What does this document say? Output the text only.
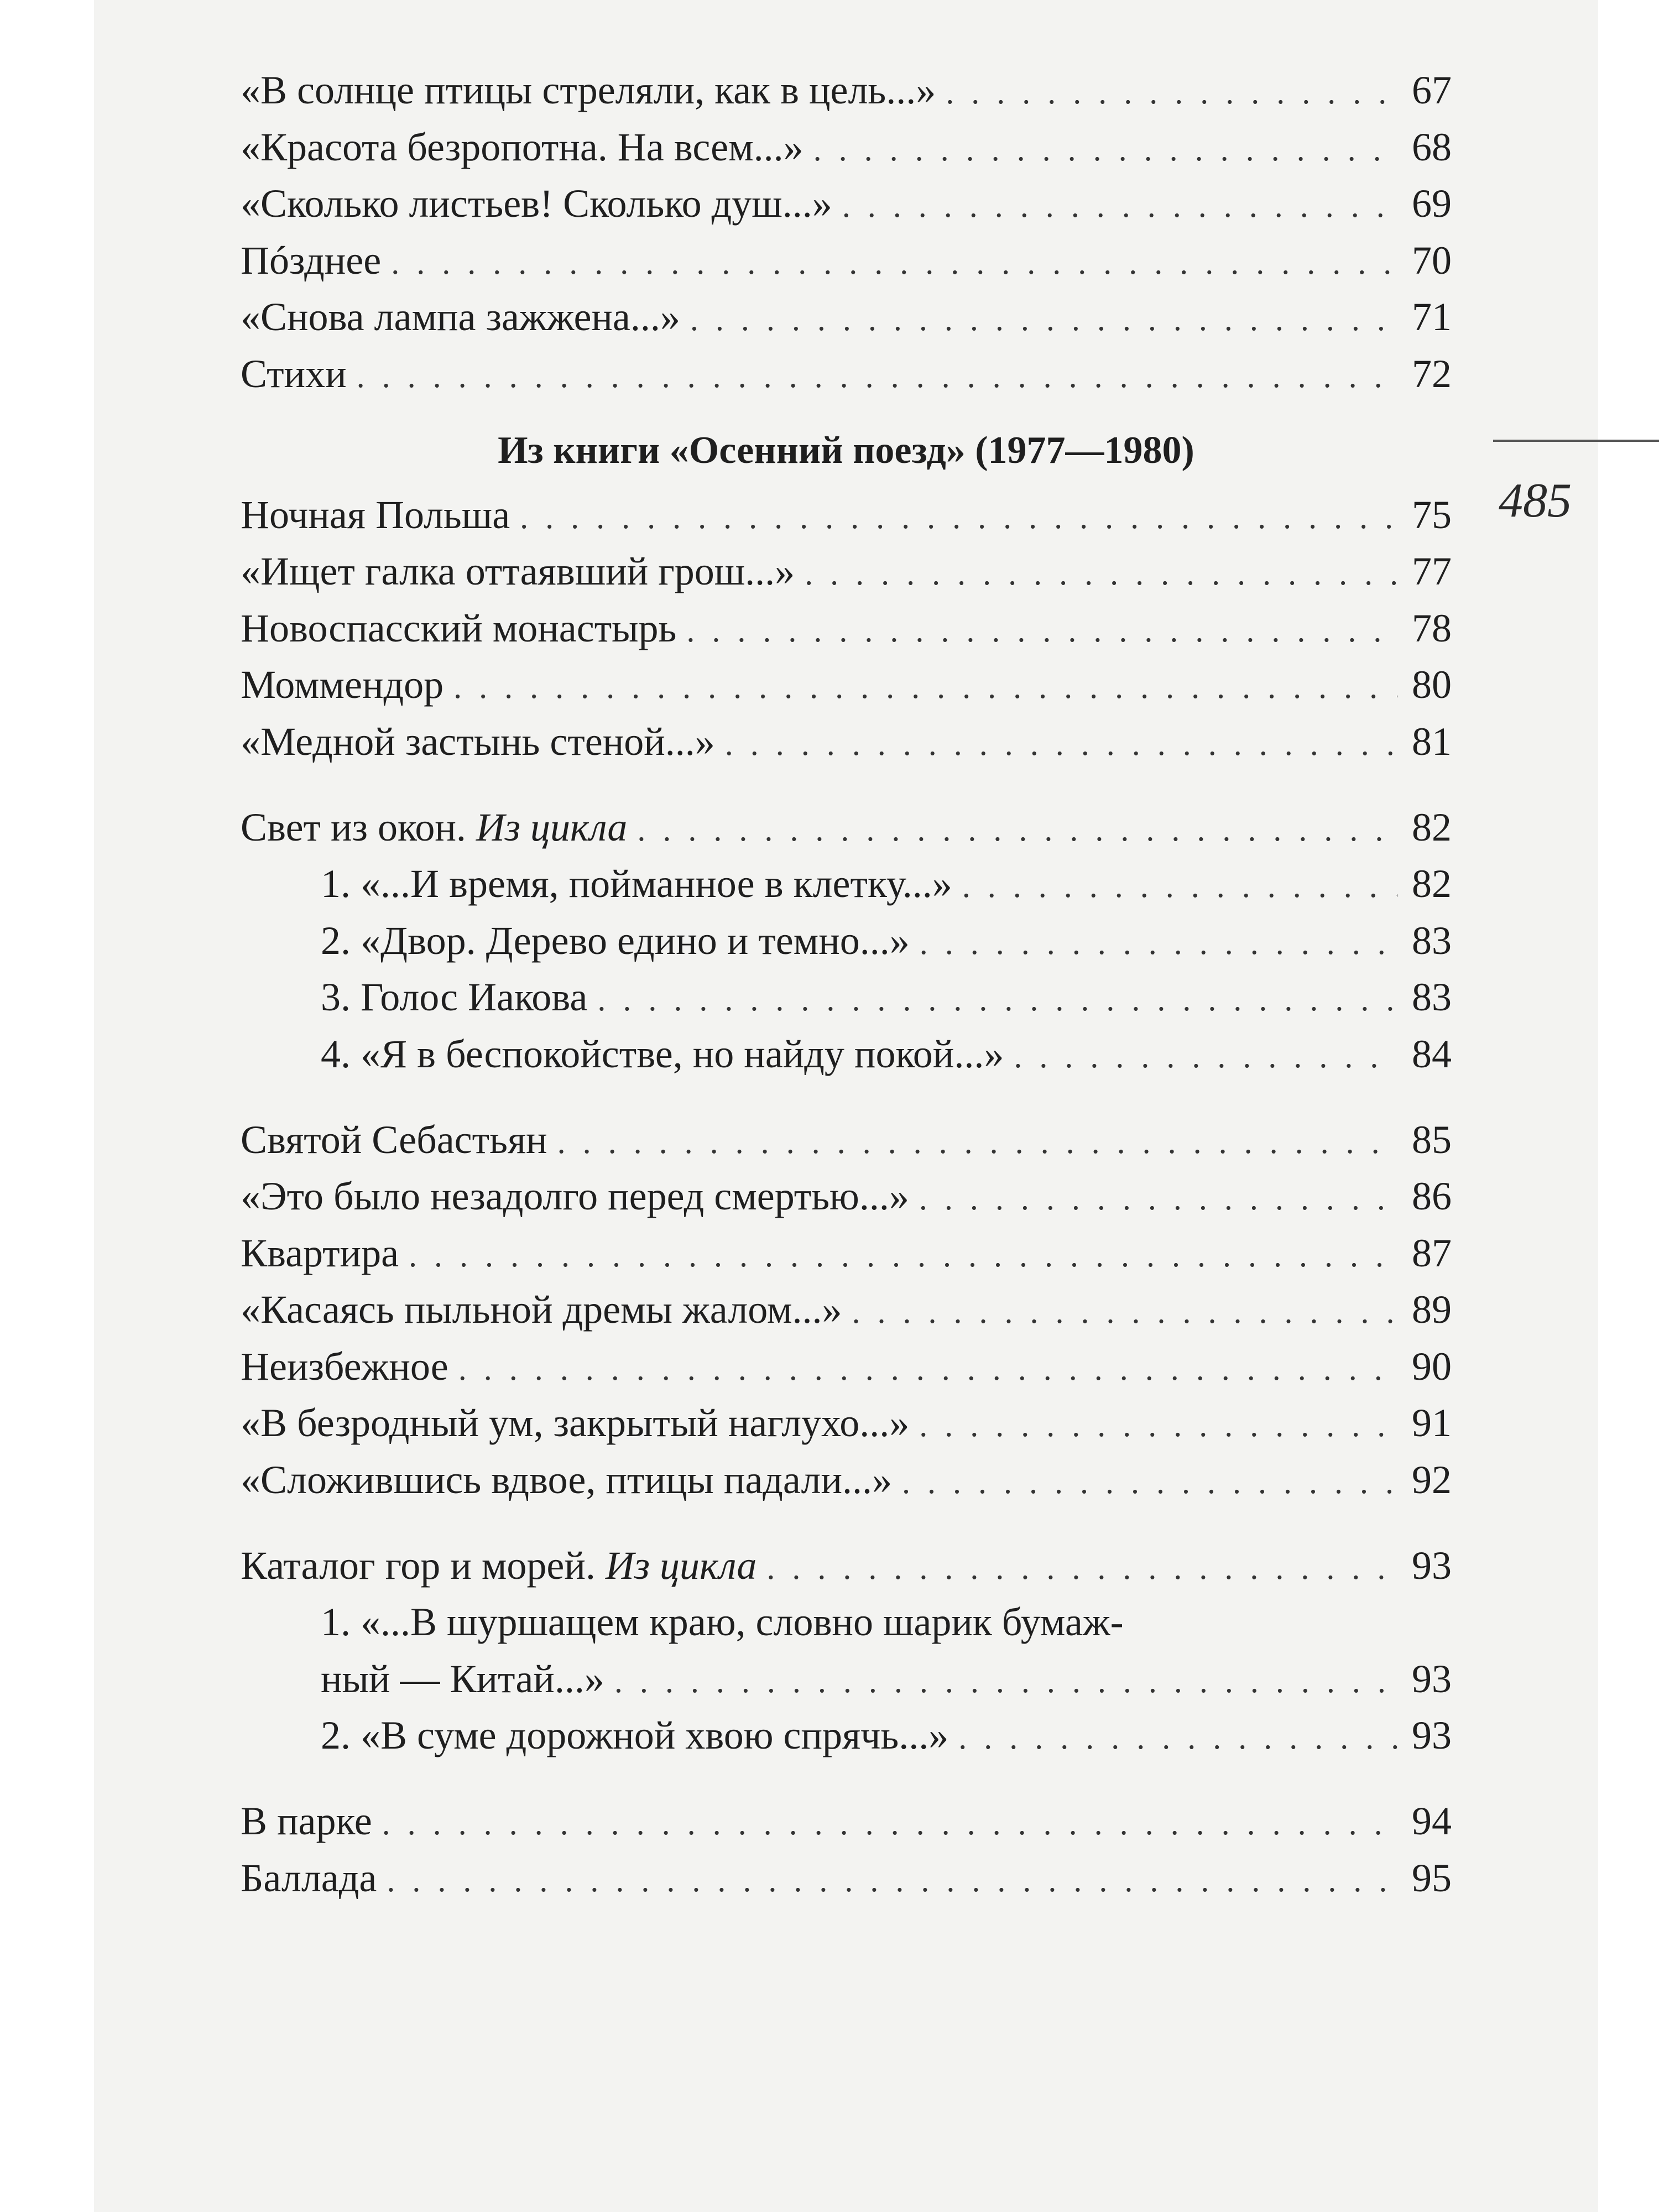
485
«В солнце птицы стреляли, как в цель...» . . .	67
«Красота безропотна. На всем...» . . .	68
«Сколько листьев! Сколько душ...» . . .	69
Пóзднее . . .	70
«Снова лампа зажжена...» . . .	71
Стихи . . .	72
Из книги «Осенний поезд» (1977—1980)
Ночная Польша . . .	75
«Ищет галка оттаявший грош...» . . .	77
Новоспасский монастырь . . .	78
Моммендор . . .	80
«Медной застынь стеной...» . . .	81
Свет из окон. Из цикла . . .	82
1. «...И время, пойманное в клетку...» . . .	82
2. «Двор. Дерево едино и темно...» . . .	83
3. Голос Иакова . . .	83
4. «Я в беспокойстве, но найду покой...» . . .	84
Святой Себастьян . . .	85
«Это было незадолго перед смертью...» . . .	86
Квартира . . .	87
«Касаясь пыльной дремы жалом...» . . .	89
Неизбежное . . .	90
«В безродный ум, закрытый наглухо...» . . .	91
«Сложившись вдвое, птицы падали...» . . .	92
Каталог гор и морей. Из цикла . . .	93
1. «...В шуршащем краю, словно шарик бумаж-
ный — Китай...» . . .	93
2. «В суме дорожной хвою спрячь...» . . .	93
В парке . . .	94
Баллада . . .	95
